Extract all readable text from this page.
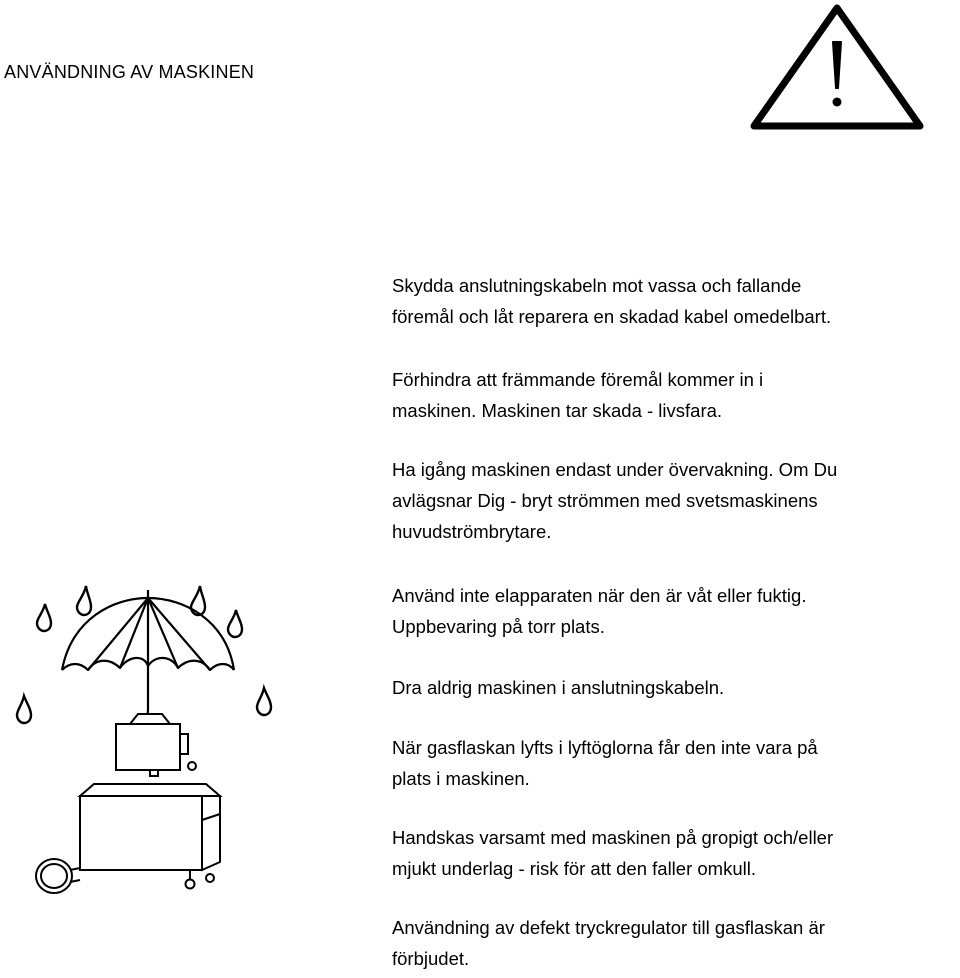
ANVÄNDNING AV MASKINEN
Skydda anslutningskabeln mot vassa och fallande
föremål och låt reparera en skadad kabel omedelbart.
Förhindra att främmande föremål kommer in i
maskinen. Maskinen tar skada - livsfara.
Ha igång maskinen endast under övervakning. Om Du
avlägsnar Dig - bryt strömmen med svetsmaskinens
huvudströmbrytare.
Använd inte elapparaten när den är våt eller fuktig.
Uppbevaring på torr plats.
Dra aldrig maskinen i anslutningskabeln.
När gasflaskan lyfts i lyftöglorna får den inte vara på
plats i maskinen.
Handskas varsamt med maskinen på gropigt och/eller
mjukt underlag - risk för att den faller omkull.
Användning av defekt tryckregulator till gasflaskan är
förbjudet.
